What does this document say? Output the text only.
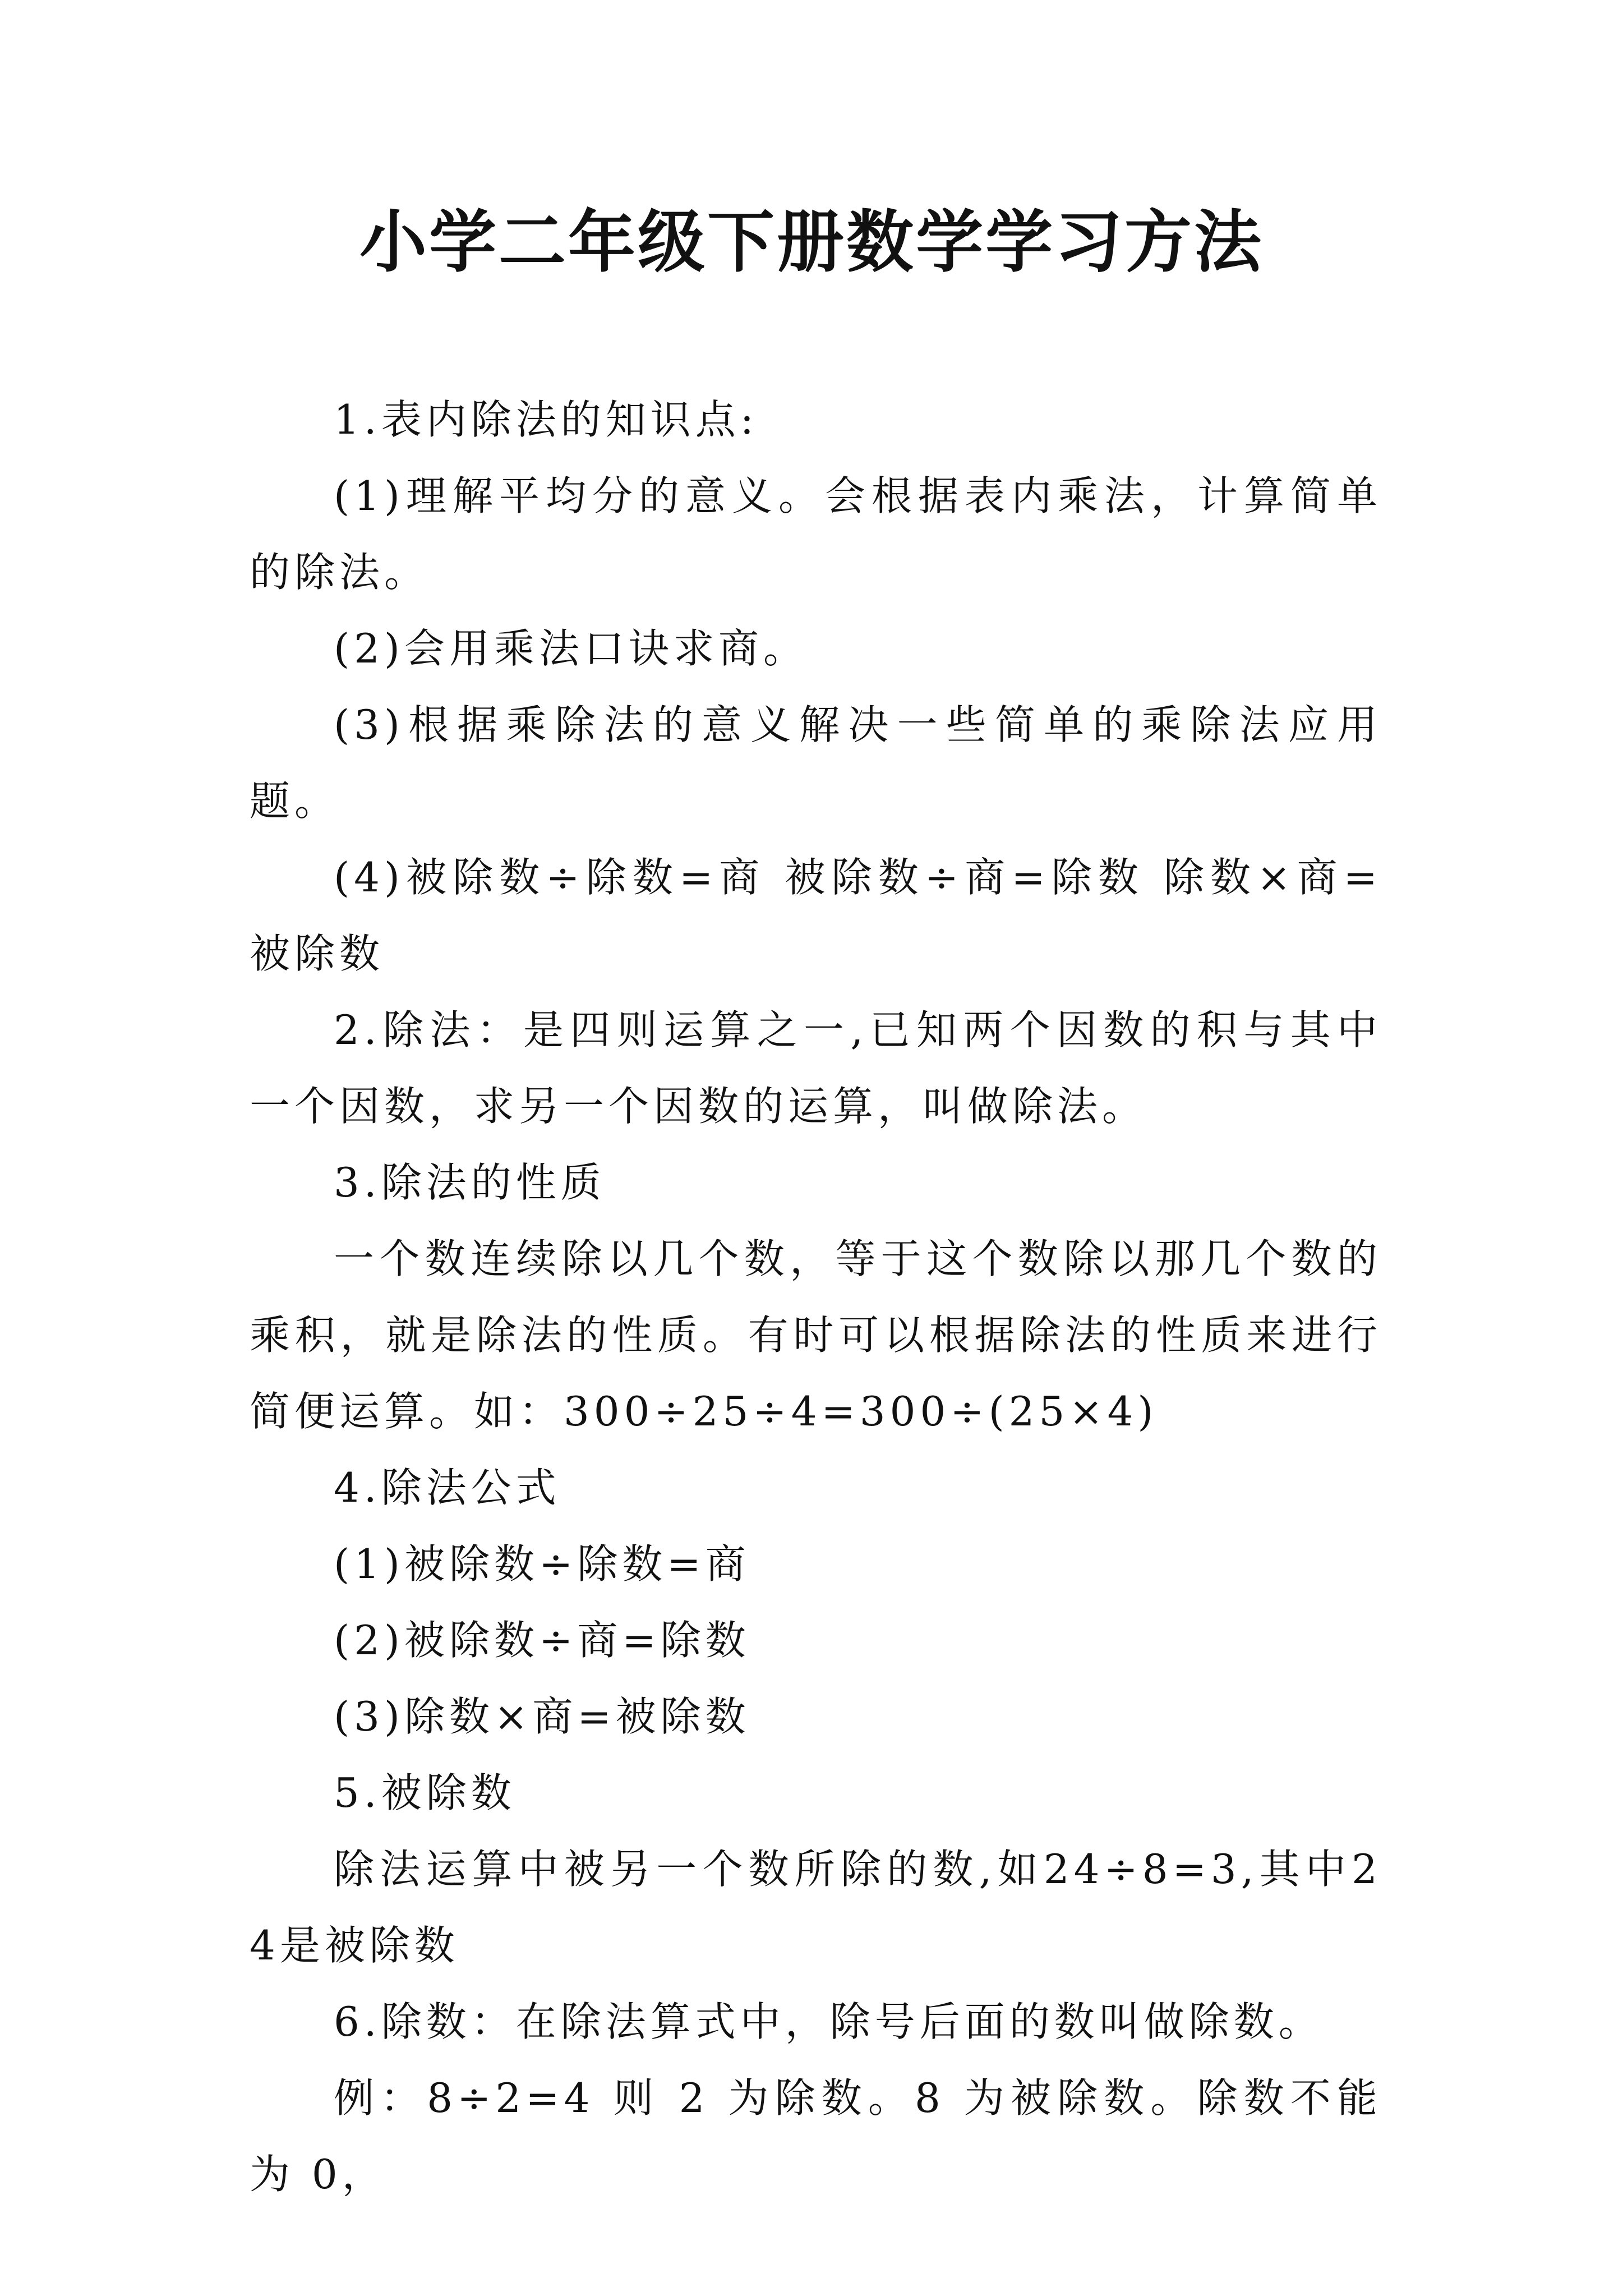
小学二年级下册数学学习方法

1.表内除法的知识点:

(1)理解平均分的意义。会根据表内乘法，计算简单的除法。

(2)会用乘法口诀求商。

(3)根据乘除法的意义解决一些简单的乘除法应用题。

(4)被除数÷除数=商 被除数÷商=除数 除数×商=被除数

2.除法：是四则运算之一,已知两个因数的积与其中一个因数，求另一个因数的运算，叫做除法。

3.除法的性质

一个数连续除以几个数，等于这个数除以那几个数的乘积，就是除法的性质。有时可以根据除法的性质来进行简便运算。如：300÷25÷4=300÷(25×4)

4.除法公式

(1)被除数÷除数=商

(2)被除数÷商=除数

(3)除数×商=被除数

5.被除数

除法运算中被另一个数所除的数,如24÷8=3,其中24是被除数

6.除数：在除法算式中，除号后面的数叫做除数。

例：8÷2=4 则 2 为除数。8 为被除数。除数不能为 0，
